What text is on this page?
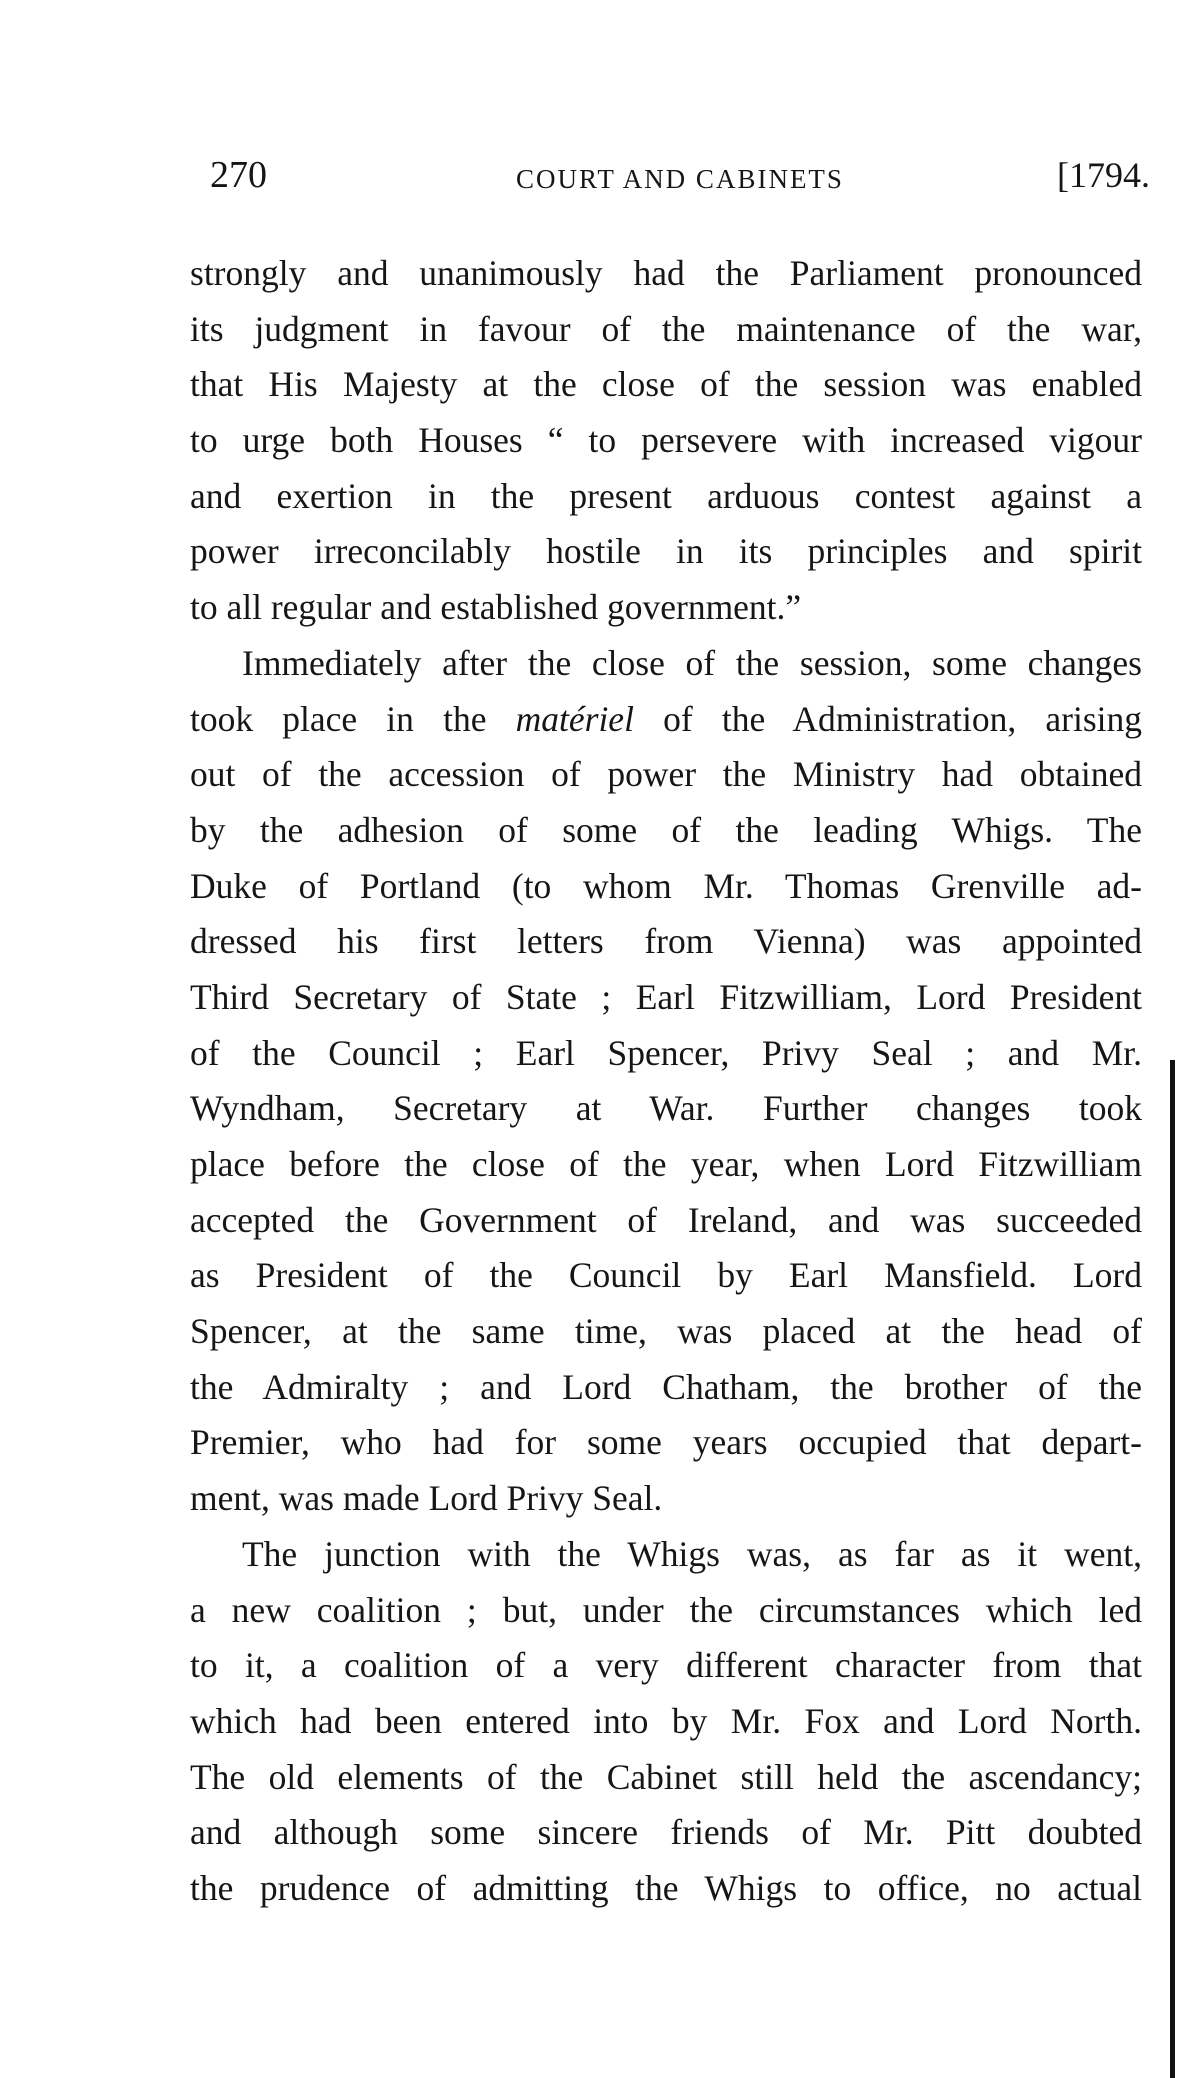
270	COURT AND CABINETS	[1794.
strongly and unanimously had the Parliament pronounced
its judgment in favour of the maintenance of the war,
that His Majesty at the close of the session was enabled
to urge both Houses “ to persevere with increased vigour
and exertion in the present arduous contest against a
power irreconcilably hostile in its principles and spirit
to all regular and established government.”
Immediately after the close of the session, some changes
took place in the matériel of the Administration, arising
out of the accession of power the Ministry had obtained
by the adhesion of some of the leading Whigs. The
Duke of Portland (to whom Mr. Thomas Grenville ad-
dressed his first letters from Vienna) was appointed
Third Secretary of State ; Earl Fitzwilliam, Lord President
of the Council ; Earl Spencer, Privy Seal ; and Mr.
Wyndham, Secretary at War. Further changes took
place before the close of the year, when Lord Fitzwilliam
accepted the Government of Ireland, and was succeeded
as President of the Council by Earl Mansfield. Lord
Spencer, at the same time, was placed at the head of
the Admiralty ; and Lord Chatham, the brother of the
Premier, who had for some years occupied that depart-
ment, was made Lord Privy Seal.
The junction with the Whigs was, as far as it went,
a new coalition ; but, under the circumstances which led
to it, a coalition of a very different character from that
which had been entered into by Mr. Fox and Lord North.
The old elements of the Cabinet still held the ascendancy;
and although some sincere friends of Mr. Pitt doubted
the prudence of admitting the Whigs to office, no actual
